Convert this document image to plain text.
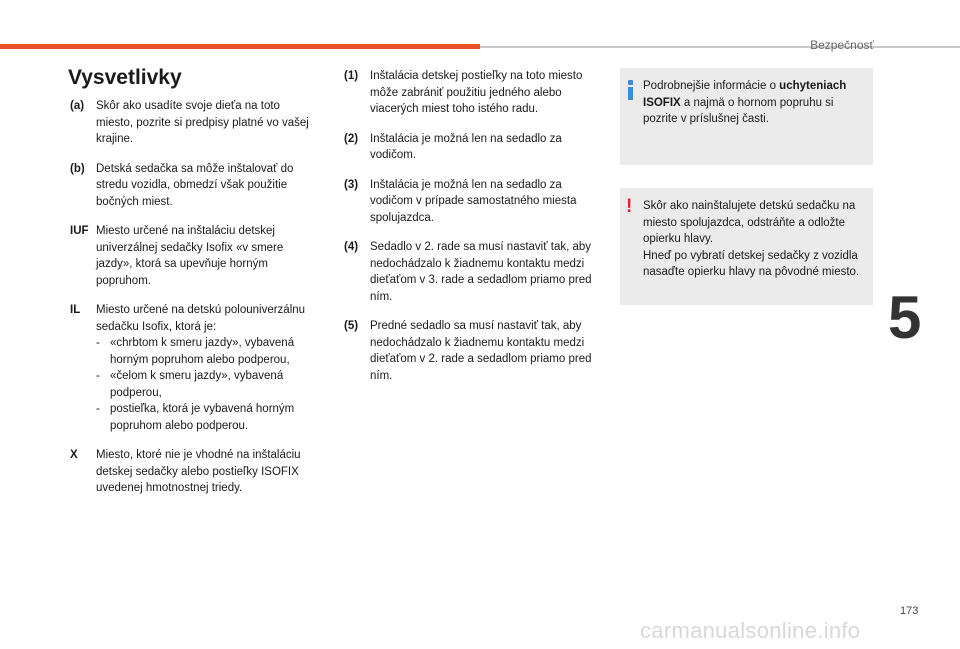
Bezpečnosť
5
173
carmanualsonline.info
Vysvetlivky
(a)	Skôr ako usadíte svoje dieťa na toto miesto, pozrite si predpisy platné vo vašej krajine.
(b) Detská sedačka sa môže inštalovať do stredu vozidla, obmedzí však použitie bočných miest.
IUF Miesto určené na inštaláciu detskej univerzálnej sedačky Isofix «v smere jazdy», ktorá sa upevňuje horným popruhom.
IL	Miesto určené na detskú polouniverzálnu sedačku Isofix, ktorá je:
- «chrbtom k smeru jazdy», vybavená horným popruhom alebo podperou,
- «čelom k smeru jazdy», vybavená podperou,
- postieľka, ktorá je vybavená horným popruhom alebo podperou.
X	Miesto, ktoré nie je vhodné na inštaláciu detskej sedačky alebo postieľky ISOFIX uvedenej hmotnostnej triedy.
(1)	Inštalácia detskej postieľky na toto miesto môže zabrániť použitiu jedného alebo viacerých miest toho istého radu.
(2)	Inštalácia je možná len na sedadlo za vodičom.
(3)	Inštalácia je možná len na sedadlo za vodičom v prípade samostatného miesta spolujazdca.
(4)	Sedadlo v 2. rade sa musí nastaviť tak, aby nedochádzalo k žiadnemu kontaktu medzi dieťaťom v 3. rade a sedadlom priamo pred ním.
(5)	Predné sedadlo sa musí nastaviť tak, aby nedochádzalo k žiadnemu kontaktu medzi dieťaťom v 2. rade a sedadlom priamo pred ním.
Podrobnejšie informácie o uchyteniach ISOFIX a najmä o hornom popruhu si pozrite v príslušnej časti.
! Skôr ako nainštalujete detskú sedačku na miesto spolujazdca, odstráňte a odložte opierku hlavy.
Hneď po vybratí detskej sedačky z vozidla nasaďte opierku hlavy na pôvodné miesto.
